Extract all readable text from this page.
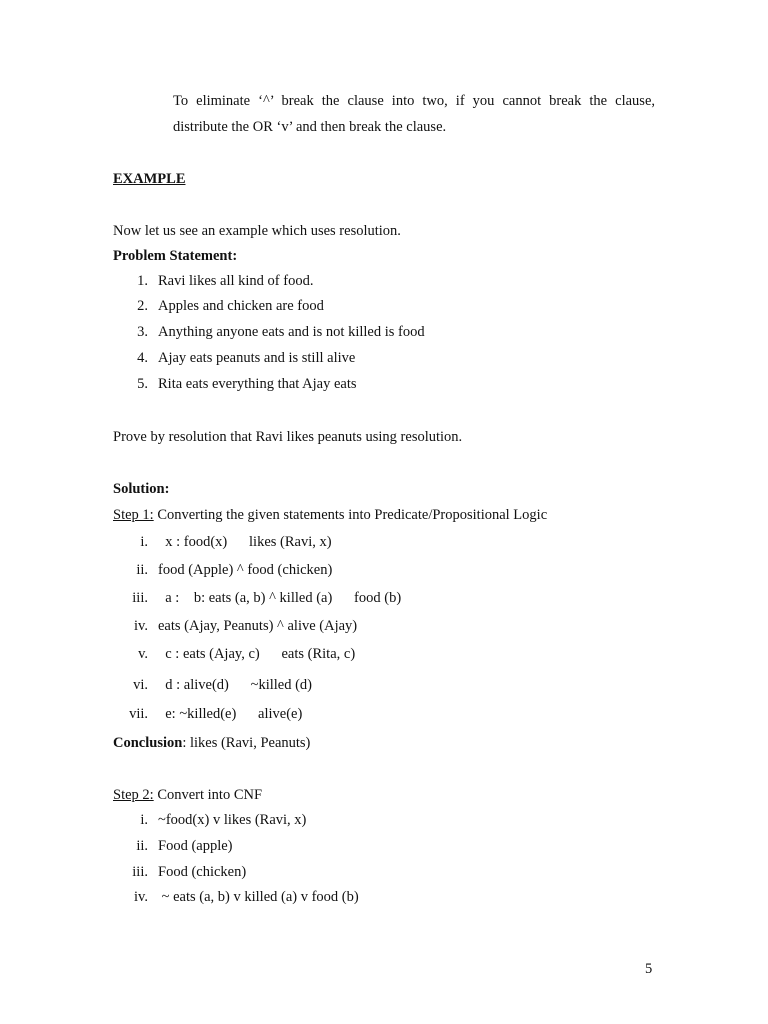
To eliminate ‘^’ break the clause into two, if you cannot break the clause,
distribute the OR ‘v’ and then break the clause.
EXAMPLE
Now let us see an example which uses resolution.
Problem Statement:
1. Ravi likes all kind of food.
2. Apples and chicken are food
3. Anything anyone eats and is not killed is food
4. Ajay eats peanuts and is still alive
5. Rita eats everything that Ajay eats
Prove by resolution that Ravi likes peanuts using resolution.
Solution:
Step 1: Converting the given statements into Predicate/Propositional Logic
i. x : food(x)      likes (Ravi, x)
ii. food (Apple) ^ food (chicken)
iii. a :    b: eats (a, b) ^ killed (a)      food (b)
iv. eats (Ajay, Peanuts) ^ alive (Ajay)
v. c : eats (Ajay, c)      eats (Rita, c)
vi. d : alive(d)      ~killed (d)
vii. e: ~killed(e)      alive(e)
Conclusion: likes (Ravi, Peanuts)
Step 2: Convert into CNF
i. ~food(x) v likes (Ravi, x)
ii. Food (apple)
iii. Food (chicken)
iv. ~ eats (a, b) v killed (a) v food (b)
5
